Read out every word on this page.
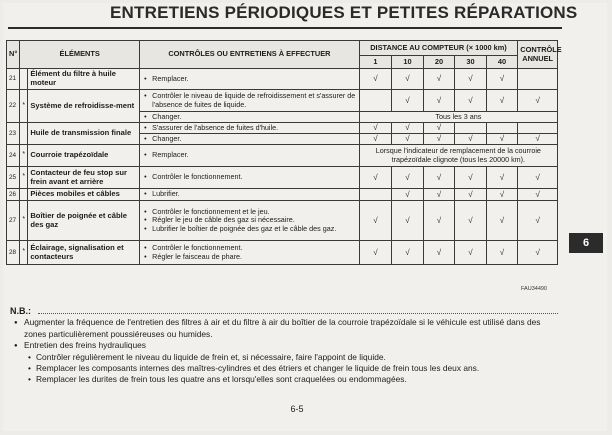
ENTRETIENS PÉRIODIQUES ET PETITES RÉPARATIONS
6
N°	ÉLÉMENTS		CONTRÔLES OU ENTRETIENS À EFFECTUER	DISTANCE AU COMPTEUR (× 1000 km)					CONTRÔLE ANNUEL
				1	10	20	30	40	
21		Élément du filtre à huile moteur	• Remplacer.	√	√	√	√	√	
22	*	Système de refroidisse-ment	• Contrôler le niveau de liquide de refroidissement et s'assurer de l'absence de fuites de liquide.		√	√	√	√	√

			• Changer.	Tous les 3 ans					
23		Huile de transmission finale	• S'assurer de l'absence de fuites d'huile.	√	√	√			

			• Changer.	√	√	√	√	√	√
24	*	Courroie trapézoïdale	• Remplacer.	Lorsque l'indicateur de remplacement de la courroie trapézoïdale clignote (tous les 20000 km).					
25	*	Contacteur de feu stop sur frein avant et arrière	• Contrôler le fonctionnement.	√	√	√	√	√	√
26		Pièces mobiles et câbles	• Lubrifier.		√	√	√	√	√
27	*	Boîtier de poignée et câble des gaz	• Contrôler le fonctionnement et le jeu.
• Régler le jeu de câble des gaz si nécessaire.
• Lubrifier le boîtier de poignée des gaz et le câble des gaz.	√	√	√	√	√	√
28	*	Éclairage, signalisation et contacteurs	• Contrôler le fonctionnement.
• Régler le faisceau de phare.	√	√	√	√	√	√
FAU34490
N.B.:
● Augmenter la fréquence de l'entretien des filtres à air et du filtre à air du boîtier de la courroie trapézoïdale si le véhicule est utilisé dans des zones particulièrement poussiéreuses ou humides.
● Entretien des freins hydrauliques
• Contrôler régulièrement le niveau du liquide de frein et, si nécessaire, faire l'appoint de liquide.
• Remplacer les composants internes des maîtres-cylindres et des étriers et changer le liquide de frein tous les deux ans.
• Remplacer les durites de frein tous les quatre ans et lorsqu'elles sont craquelées ou endommagées.
6-5
